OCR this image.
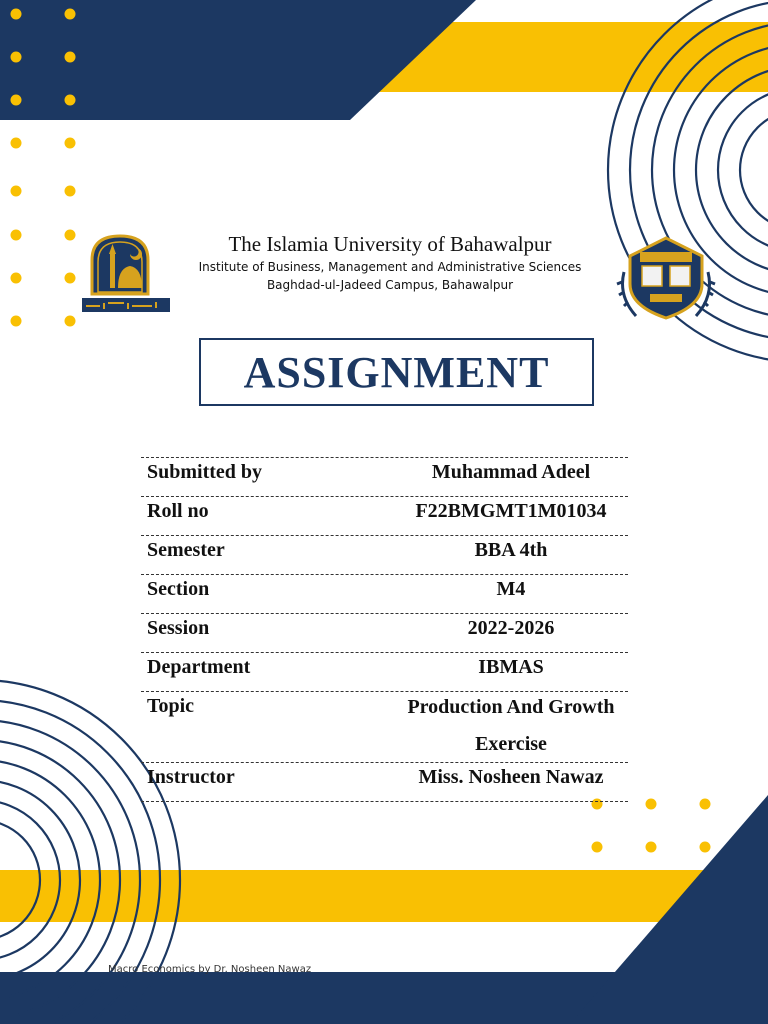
The Islamia University of Bahawalpur
Institute of Business, Management and Administrative Sciences
Baghdad-ul-Jadeed Campus, Bahawalpur
ASSIGNMENT
Submitted by	Muhammad Adeel
Roll no	F22BMGMT1M01034
Semester	BBA 4th
Section	M4
Session	2022-2026
Department	IBMAS
Topic	Production And Growth Exercise
Instructor	Miss. Nosheen Nawaz
Macro Economics by Dr. Nosheen Nawaz
